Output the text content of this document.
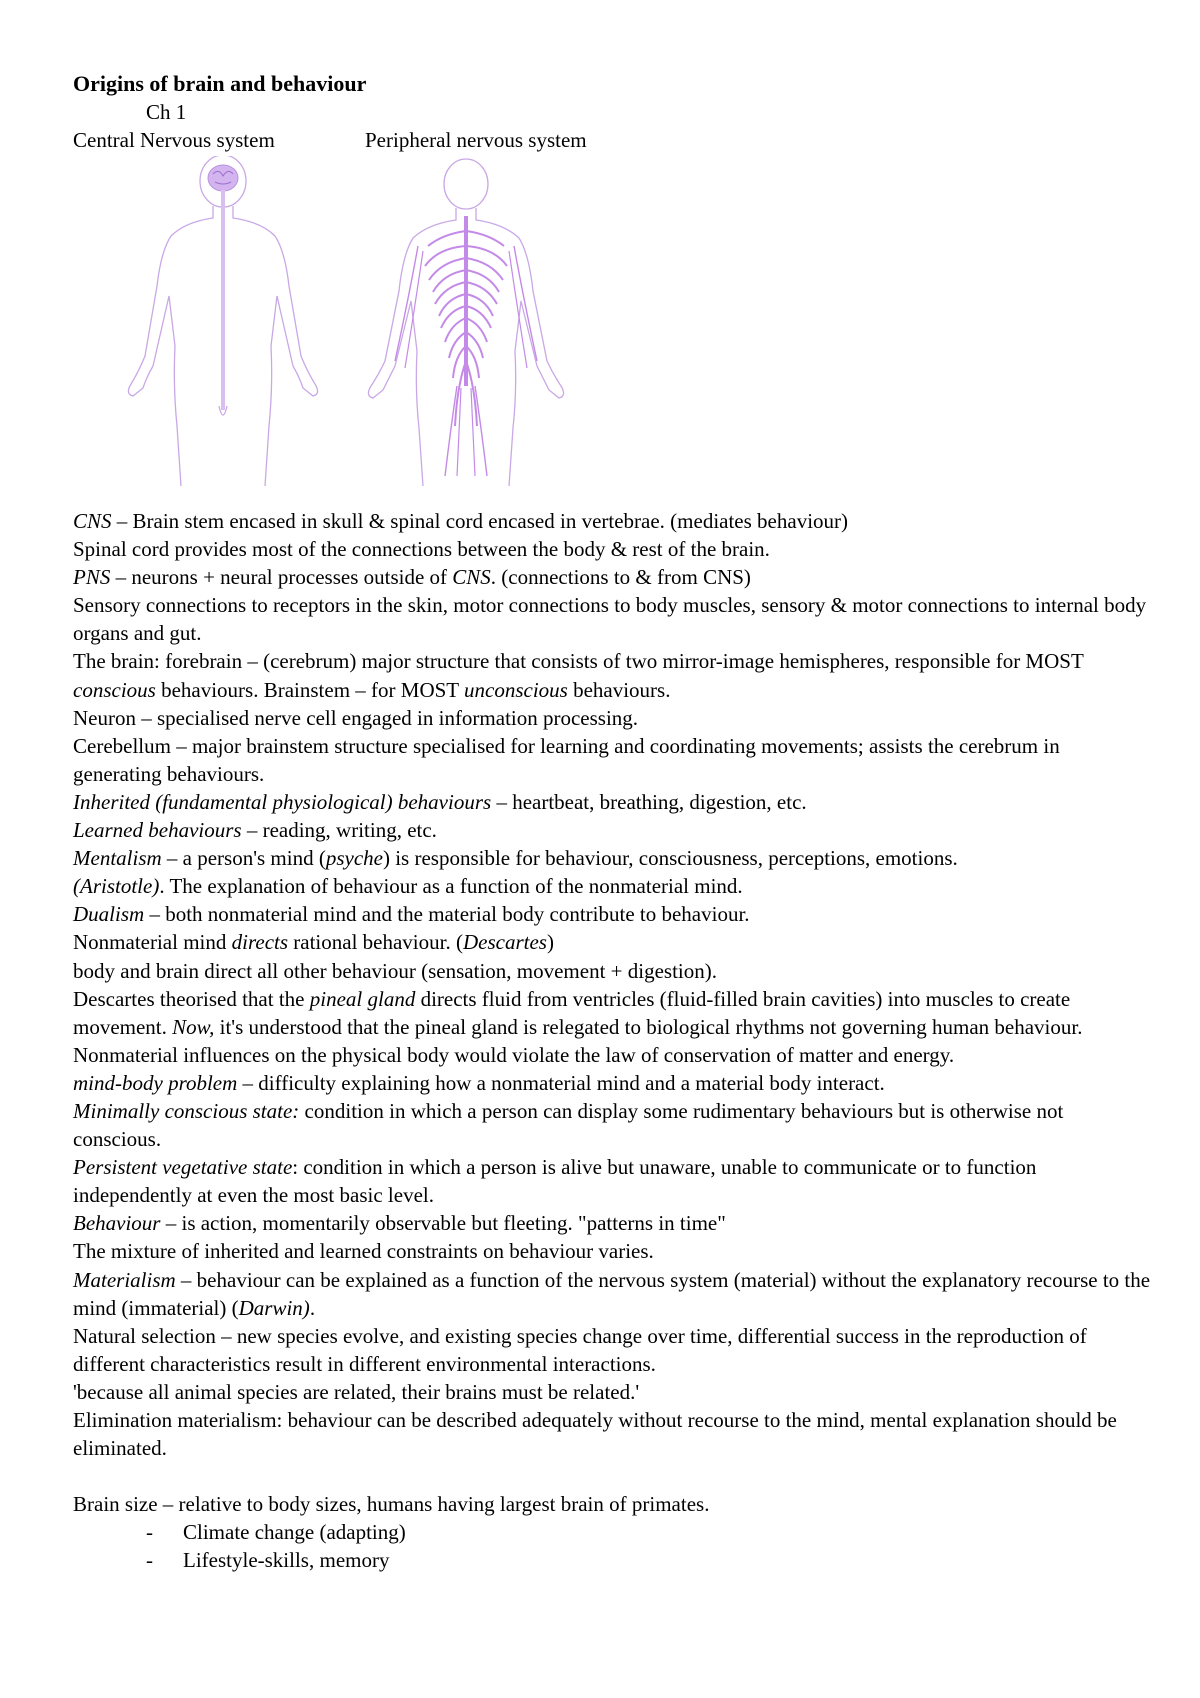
Origins of brain and behaviour
Ch 1
Central Nervous system	Peripheral nervous system

CNS – Brain stem encased in skull & spinal cord encased in vertebrae. (mediates behaviour)

Spinal cord provides most of the connections between the body & rest of the brain.

PNS – neurons + neural processes outside of CNS. (connections to & from CNS)

Sensory connections to receptors in the skin, motor connections to body muscles, sensory & motor connections to internal body organs and gut.

The brain: forebrain – (cerebrum) major structure that consists of two mirror-image hemispheres, responsible for MOST conscious behaviours. Brainstem – for MOST unconscious behaviours.

Neuron – specialised nerve cell engaged in information processing.

Cerebellum – major brainstem structure specialised for learning and coordinating movements; assists the cerebrum in generating behaviours.

Inherited (fundamental physiological) behaviours – heartbeat, breathing, digestion, etc.

Learned behaviours – reading, writing, etc.

Mentalism – a person's mind (psyche) is responsible for behaviour, consciousness, perceptions, emotions.

(Aristotle). The explanation of behaviour as a function of the nonmaterial mind.

Dualism – both nonmaterial mind and the material body contribute to behaviour.

Nonmaterial mind directs rational behaviour. (Descartes)

body and brain direct all other behaviour (sensation, movement + digestion).

Descartes theorised that the pineal gland directs fluid from ventricles (fluid-filled brain cavities) into muscles to create movement. Now, it's understood that the pineal gland is relegated to biological rhythms not governing human behaviour. Nonmaterial influences on the physical body would violate the law of conservation of matter and energy.

mind-body problem – difficulty explaining how a nonmaterial mind and a material body interact.

Minimally conscious state: condition in which a person can display some rudimentary behaviours but is otherwise not conscious.

Persistent vegetative state: condition in which a person is alive but unaware, unable to communicate or to function independently at even the most basic level.

Behaviour – is action, momentarily observable but fleeting. "patterns in time"

The mixture of inherited and learned constraints on behaviour varies.

Materialism – behaviour can be explained as a function of the nervous system (material) without the explanatory recourse to the mind (immaterial) (Darwin).

Natural selection – new species evolve, and existing species change over time, differential success in the reproduction of different characteristics result in different environmental interactions.

'because all animal species are related, their brains must be related.'

Elimination materialism: behaviour can be described adequately without recourse to the mind, mental explanation should be eliminated.

Brain size – relative to body sizes, humans having largest brain of primates.

-	Climate change (adapting)
-	Lifestyle-skills, memory
